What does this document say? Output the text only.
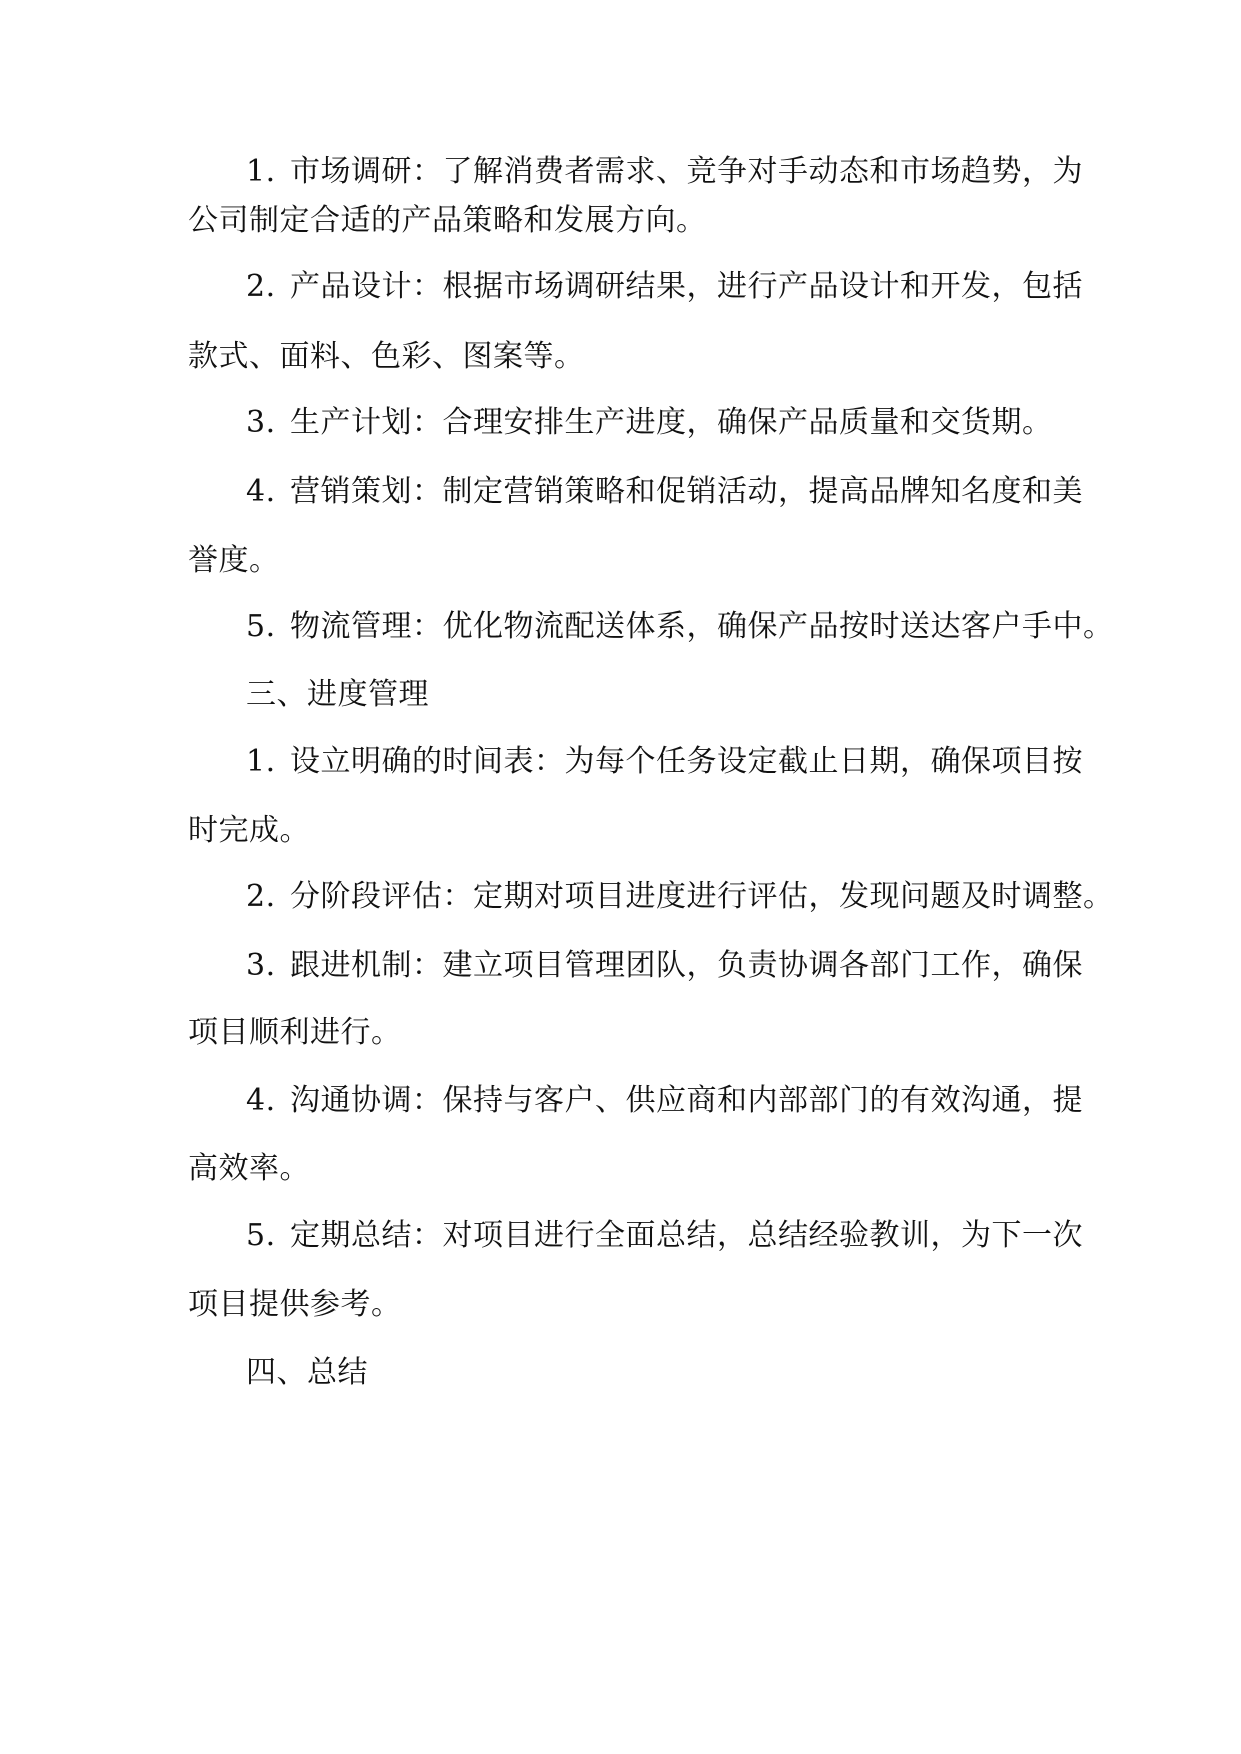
1. 市场调研：了解消费者需求、竞争对手动态和市场趋势，为
公司制定合适的产品策略和发展方向。
2. 产品设计：根据市场调研结果，进行产品设计和开发，包括
款式、面料、色彩、图案等。
3. 生产计划：合理安排生产进度，确保产品质量和交货期。
4. 营销策划：制定营销策略和促销活动，提高品牌知名度和美
誉度。
5. 物流管理：优化物流配送体系，确保产品按时送达客户手中。
三、进度管理
1. 设立明确的时间表：为每个任务设定截止日期，确保项目按
时完成。
2. 分阶段评估：定期对项目进度进行评估，发现问题及时调整。
3. 跟进机制：建立项目管理团队，负责协调各部门工作，确保
项目顺利进行。
4. 沟通协调：保持与客户、供应商和内部部门的有效沟通，提
高效率。
5. 定期总结：对项目进行全面总结，总结经验教训，为下一次
项目提供参考。
四、总结
